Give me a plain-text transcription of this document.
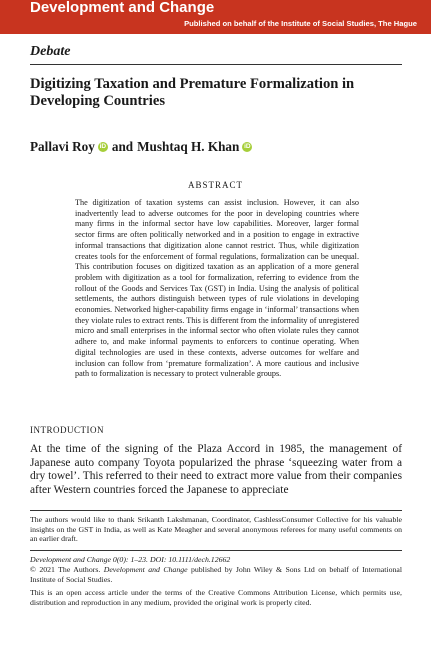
Development and Change
Published on behalf of the Institute of Social Studies, The Hague
Debate
Digitizing Taxation and Premature Formalization in Developing Countries
Pallavi Roy iD and Mushtaq H. Khan iD
ABSTRACT
The digitization of taxation systems can assist inclusion. However, it can also inadvertently lead to adverse outcomes for the poor in developing countries where many firms in the informal sector have low capabilities. Moreover, larger formal sector firms are often politically networked and in a position to engage in extractive informal transactions that digitization alone cannot restrict. Thus, while digitization creates tools for the enforcement of formal regulations, formalization can be unequal. This contribution focuses on digitized taxation as an application of a more general problem with digitization as a tool for formalization, referring to evidence from the rollout of the Goods and Services Tax (GST) in India. Using the analysis of political settlements, the authors distinguish between types of rule violations in developing economies. Networked higher-capability firms engage in ‘informal’ transactions when they violate rules to extract rents. This is different from the informality of unregistered micro and small enterprises in the informal sector who often violate rules they cannot adhere to, and make informal payments to enforcers to continue operating. When digital technologies are used in these contexts, adverse outcomes for welfare and inclusion can follow from ‘premature formalization’. A more cautious and inclusive path to formalization is necessary to protect vulnerable groups.
INTRODUCTION
At the time of the signing of the Plaza Accord in 1985, the management of Japanese auto company Toyota popularized the phrase ‘squeezing water from a dry towel’. This referred to their need to extract more value from their companies after Western countries forced the Japanese to appreciate
The authors would like to thank Srikanth Lakshmanan, Coordinator, CashlessConsumer Collective for his valuable insights on the GST in India, as well as Kate Meagher and several anonymous referees for many useful comments on an earlier draft.
Development and Change 0(0): 1–23. DOI: 10.1111/dech.12662
© 2021 The Authors. Development and Change published by John Wiley & Sons Ltd on behalf of International Institute of Social Studies.
This is an open access article under the terms of the Creative Commons Attribution License, which permits use, distribution and reproduction in any medium, provided the original work is properly cited.
